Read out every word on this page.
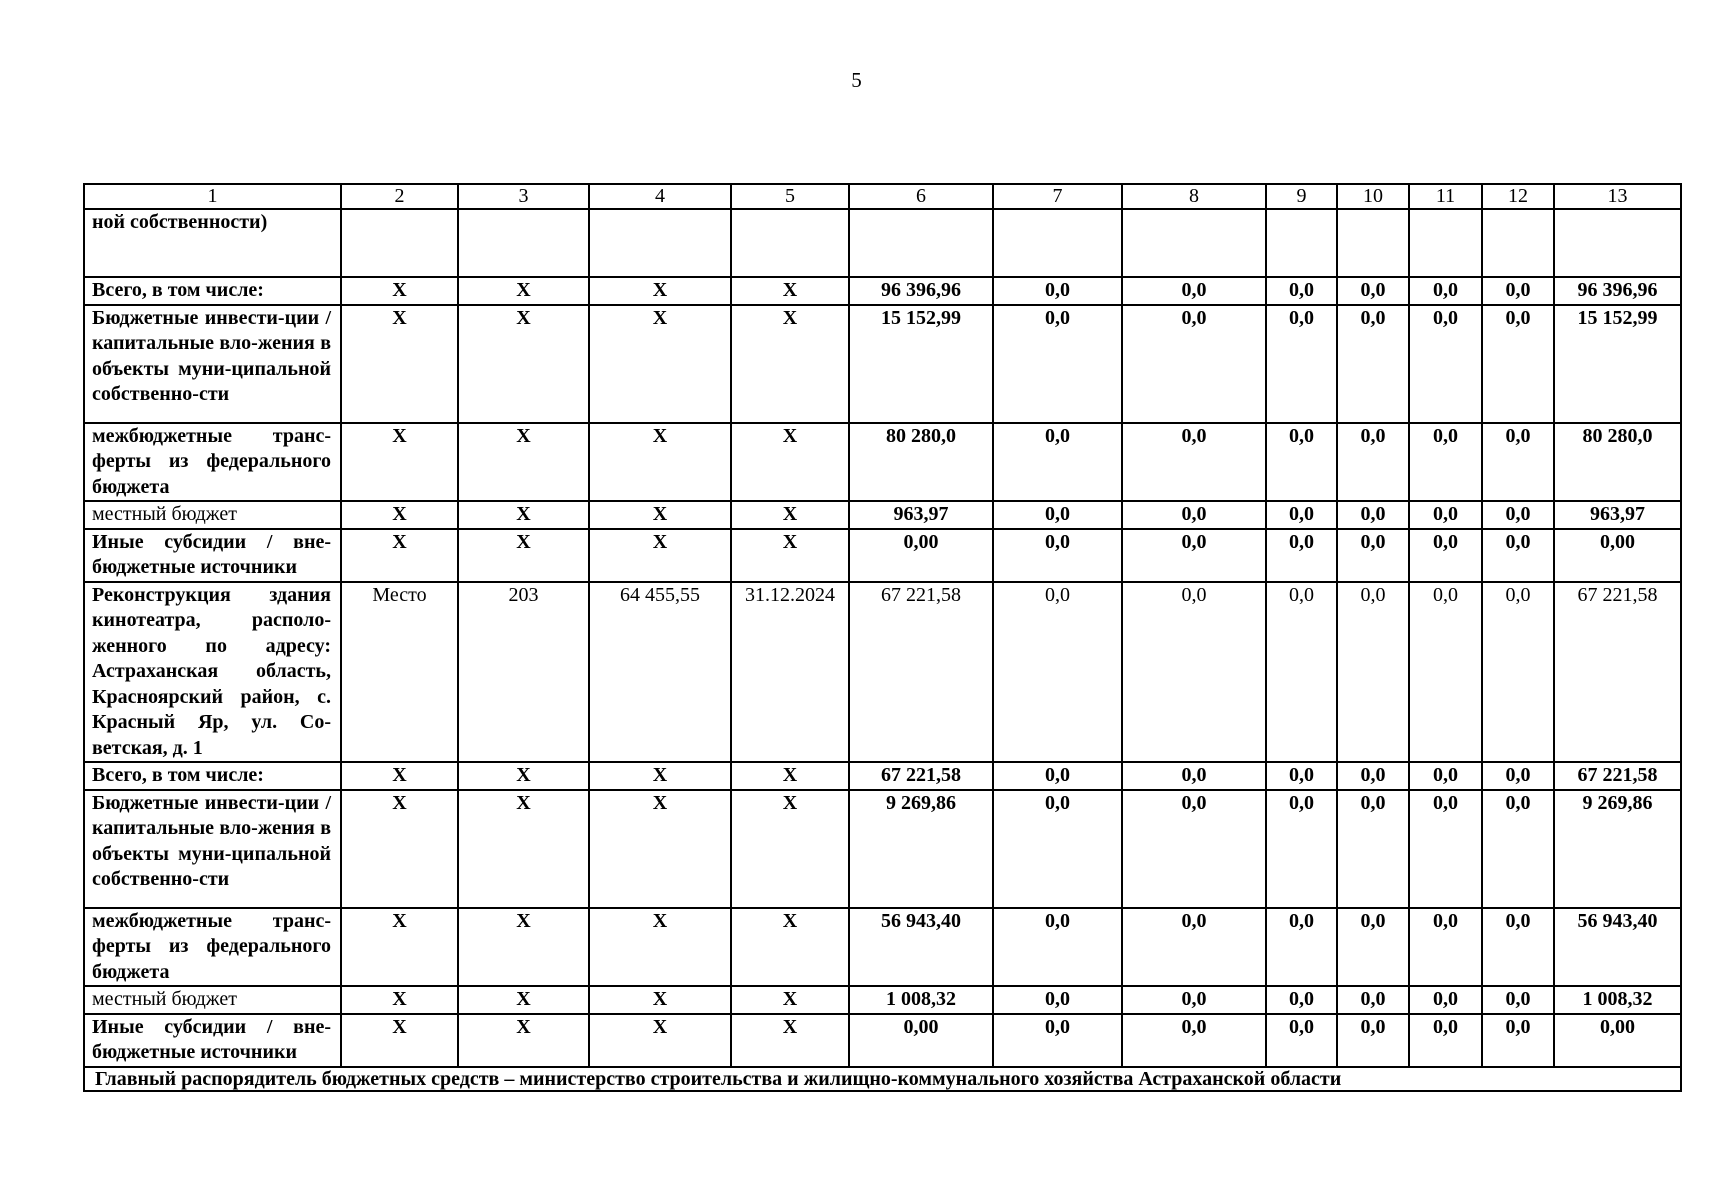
5
1	2	3	4	5	6	7	8	9	10	11	12	13
ной собственности)												
Всего, в том числе:	X	X	X	X	96 396,96	0,0	0,0	0,0	0,0	0,0	0,0	96 396,96
Бюджетные инвести-ции / капитальные вло-жения в объекты муни-ципальной собственно-сти	X	X	X	X	15 152,99	0,0	0,0	0,0	0,0	0,0	0,0	15 152,99
межбюджетные транс-ферты из федерального бюджета	X	X	X	X	80 280,0	0,0	0,0	0,0	0,0	0,0	0,0	80 280,0
местный бюджет	X	X	X	X	963,97	0,0	0,0	0,0	0,0	0,0	0,0	963,97
Иные субсидии / вне-бюджетные источники	X	X	X	X	0,00	0,0	0,0	0,0	0,0	0,0	0,0	0,00
Реконструкция здания кинотеатра, располо-женного по адресу: Астраханская область, Красноярский район, с. Красный Яр, ул. Со-ветская, д. 1	Место	203	64 455,55	31.12.2024	67 221,58	0,0	0,0	0,0	0,0	0,0	0,0	67 221,58
Всего, в том числе:	X	X	X	X	67 221,58	0,0	0,0	0,0	0,0	0,0	0,0	67 221,58
Бюджетные инвести-ции / капитальные вло-жения в объекты муни-ципальной собственно-сти	X	X	X	X	9 269,86	0,0	0,0	0,0	0,0	0,0	0,0	9 269,86
межбюджетные транс-ферты из федерального бюджета	X	X	X	X	56 943,40	0,0	0,0	0,0	0,0	0,0	0,0	56 943,40
местный бюджет	X	X	X	X	1 008,32	0,0	0,0	0,0	0,0	0,0	0,0	1 008,32
Иные субсидии / вне-бюджетные источники	X	X	X	X	0,00	0,0	0,0	0,0	0,0	0,0	0,0	0,00
Главный распорядитель бюджетных средств – министерство строительства и жилищно-коммунального хозяйства Астраханской области												
